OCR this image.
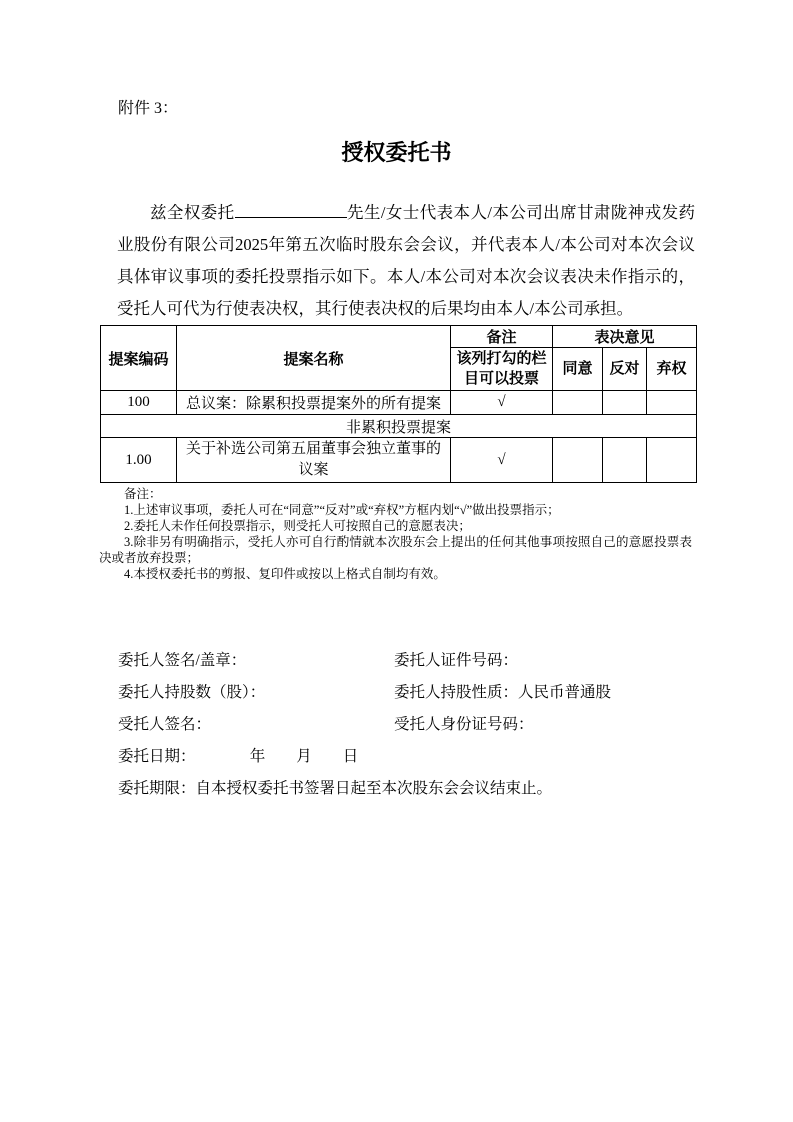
附件 3：

授权委托书

兹全权委托	先生/女士代表本人/本公司出席甘肃陇神戎发药业股份有限公司2025年第五次临时股东会会议，并代表本人/本公司对本次会议具体审议事项的委托投票指示如下。本人/本公司对本次会议表决未作指示的，受托人可代为行使表决权，其行使表决权的后果均由本人/本公司承担。

提案编码	提案名称	备注	表决意见		
		该列打勾的栏目可以投票	同意	反对	弃权
100	总议案：除累积投票提案外的所有提案	√			
非累积投票提案					
1.00	关于补选公司第五届董事会独立董事的议案	√			

备注：

1.上述审议事项，委托人可在“同意”“反对”或“弃权”方框内划“√”做出投票指示；

2.委托人未作任何投票指示，则受托人可按照自己的意愿表决；

3.除非另有明确指示，受托人亦可自行酌情就本次股东会上提出的任何其他事项按照自己的意愿投票表决或者放弃投票；

4.本授权委托书的剪报、复印件或按以上格式自制均有效。

委托人签名/盖章：	委托人证件号码：
委托人持股数（股）：	委托人持股性质：人民币普通股
受托人签名：	受托人身份证号码：
委托日期：　　　　年　　月　　日
委托期限：自本授权委托书签署日起至本次股东会会议结束止。
